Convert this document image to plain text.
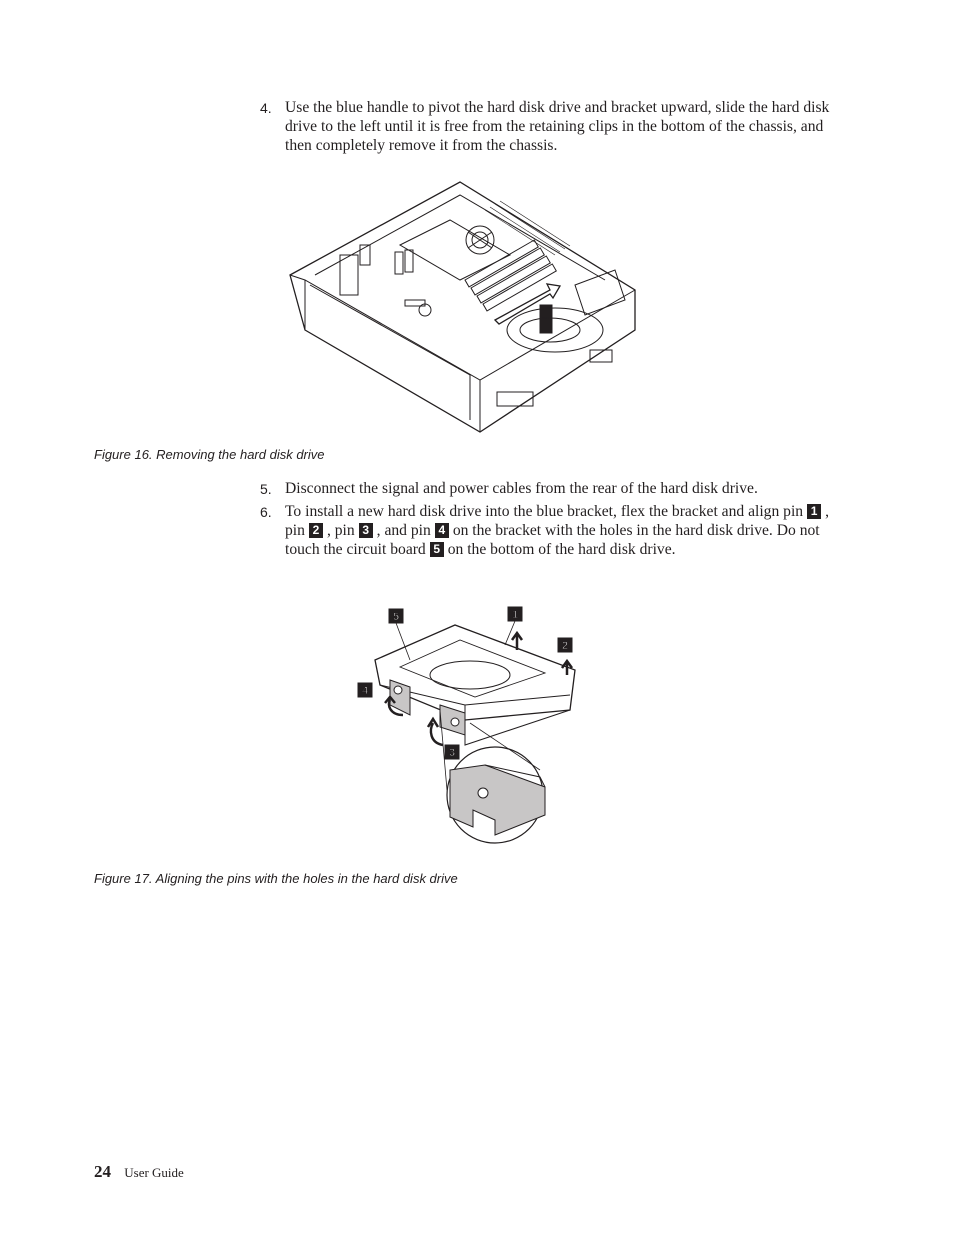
4. Use the blue handle to pivot the hard disk drive and bracket upward, slide the hard disk drive to the left until it is free from the retaining clips in the bottom of the chassis, and then completely remove it from the chassis.
Figure 16. Removing the hard disk drive
5. Disconnect the signal and power cables from the rear of the hard disk drive.
6. To install a new hard disk drive into the blue bracket, flex the bracket and align pin 1 , pin 2 , pin 3 , and pin 4 on the bracket with the holes in the hard disk drive. Do not touch the circuit board 5 on the bottom of the hard disk drive.
5	1
2
4
3
Figure 17. Aligning the pins with the holes in the hard disk drive
24 User Guide
